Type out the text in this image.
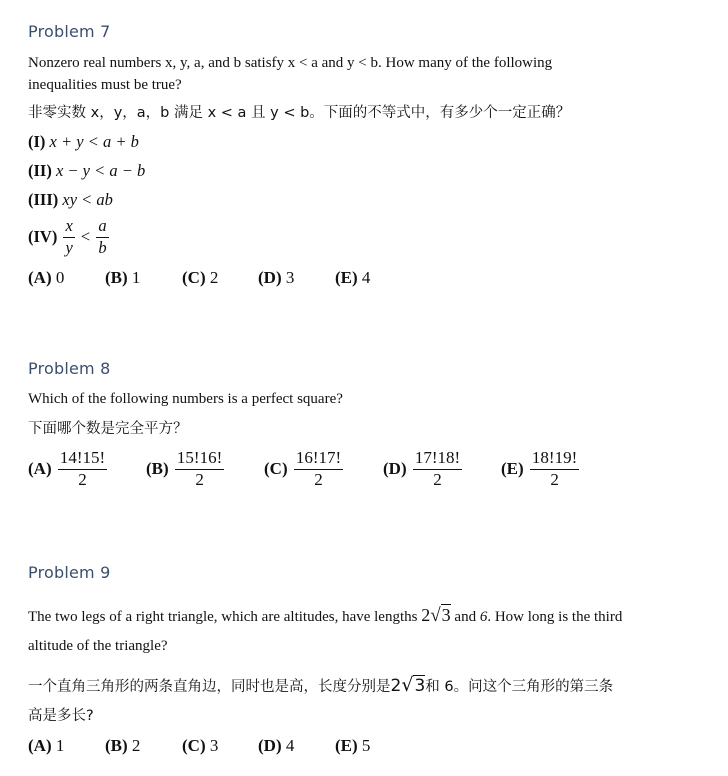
Problem 7
Nonzero real numbers x, y, a, and b satisfy x < a and y < b. How many of the following
inequalities must be true?
非零实数 x，y，a，b 满足 x < a 且 y < b。下面的不等式中，有多少个一定正确？
(I) x + y < a + b
(II) x − y < a − b
(III) xy < ab
$(IV) \frac{x}{y} < \frac{a}{b}$
(A) 0 (B) 1 (C) 2 (D) 3 (E) 4
Problem 8
Which of the following numbers is a perfect square?
下面哪个数是完全平方？
$(A) \frac{14!15!}{2} (B) \frac{15!16!}{2} (C) \frac{16!17!}{2} (D) \frac{17!18!}{2} (E) \frac{18!19!}{2}$
Problem 9
The two legs of a right triangle, which are altitudes, have lengths 2√3 and 6. How long is the third
altitude of the triangle?
一个直角三角形的两条直角边，同时也是高，长度分别是2√3和 6。问这个三角形的第三条
高是多长?
(A) 1 (B) 2 (C) 3 (D) 4 (E) 5
